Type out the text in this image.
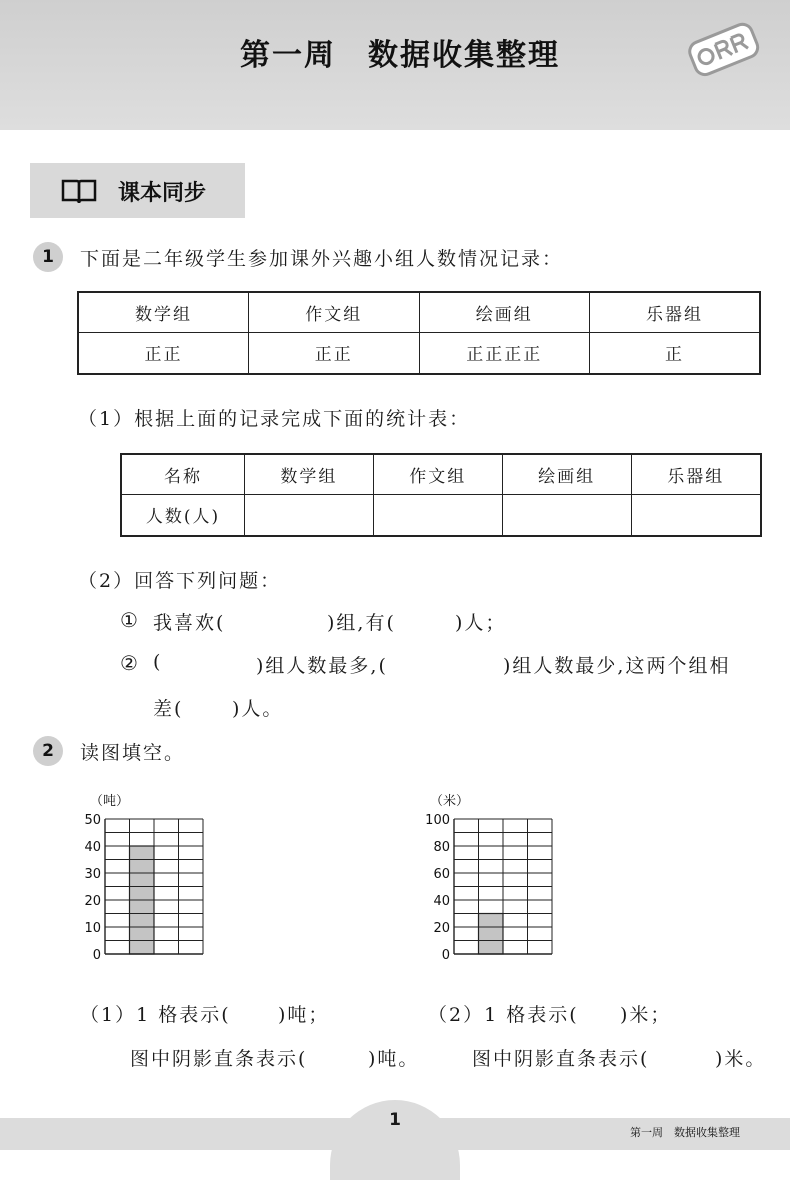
第一周　数据收集整理
课本同步
1	下面是二年级学生参加课外兴趣小组人数情况记录：
数学组	作文组	绘画组	乐器组
正正	正正	正正正正	正
（1）根据上面的记录完成下面的统计表：
名称	数学组	作文组	绘画组	乐器组
人数(人)				
（2）回答下列问题：
① 我喜欢(	)组,有(	)人；
② (	)组人数最多,(	)组人数最少,这两个组相
差(	)人。
2	读图填空。
（吨）
0
10
20
30
40
50
（米）
0
20
40
60
80
100
（1）1 格表示( )吨；
图中阴影直条表示(	)吨。
（2）1 格表示( )米；
图中阴影直条表示(	)米。
1
第一周　数据收集整理
